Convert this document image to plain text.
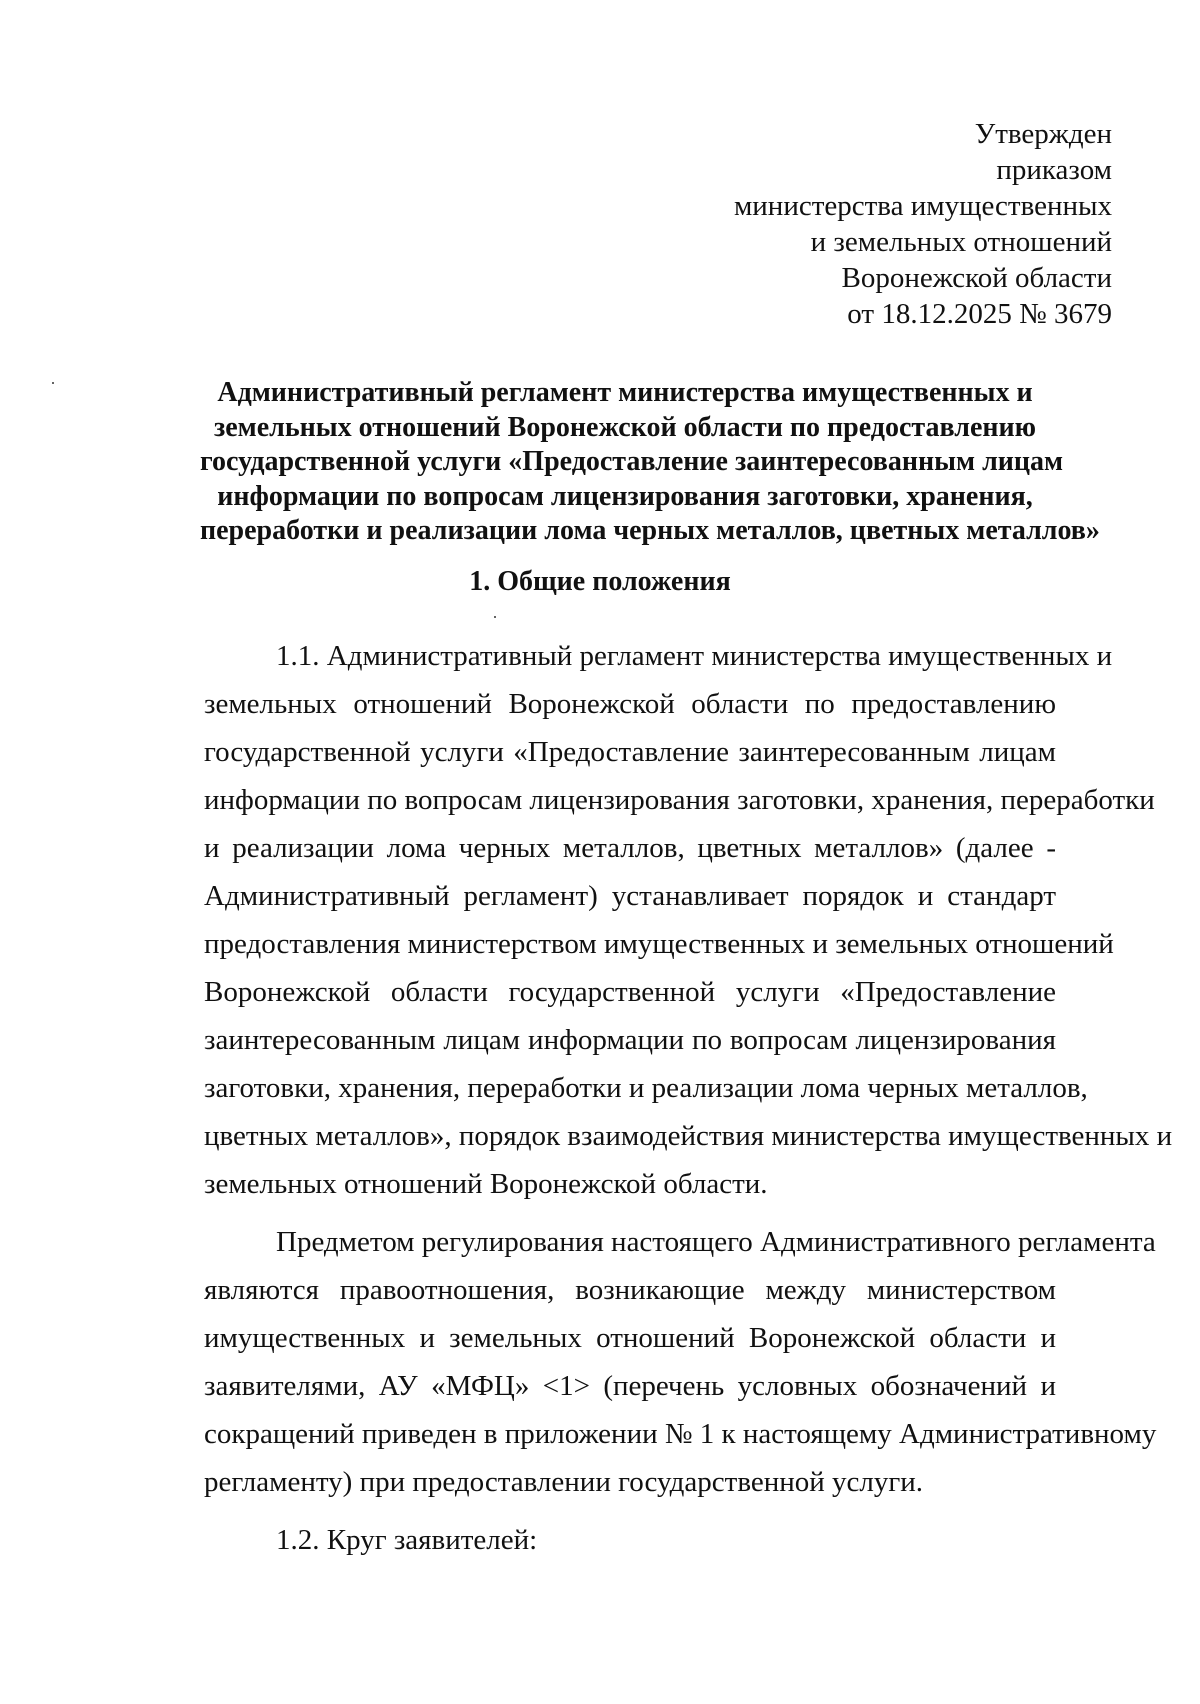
Утвержден
приказом
министерства имущественных
и земельных отношений
Воронежской области
от 18.12.2025 № 3679
Административный регламент министерства имущественных и
земельных отношений Воронежской области по предоставлению
государственной услуги «Предоставление заинтересованным лицам
информации по вопросам лицензирования заготовки, хранения,
переработки и реализации лома черных металлов, цветных металлов»
1. Общие положения
1.1. Административный регламент министерства имущественных и
земельных отношений Воронежской области по предоставлению
государственной услуги «Предоставление заинтересованным лицам
информации по вопросам лицензирования заготовки, хранения, переработки
и реализации лома черных металлов, цветных металлов» (далее -
Административный регламент) устанавливает порядок и стандарт
предоставления министерством имущественных и земельных отношений
Воронежской области государственной услуги «Предоставление
заинтересованным лицам информации по вопросам лицензирования
заготовки, хранения, переработки и реализации лома черных металлов,
цветных металлов», порядок взаимодействия министерства имущественных и
земельных отношений Воронежской области.
Предметом регулирования настоящего Административного регламента
являются правоотношения, возникающие между министерством
имущественных и земельных отношений Воронежской области и
заявителями, АУ «МФЦ» <1> (перечень условных обозначений и
сокращений приведен в приложении № 1 к настоящему Административному
регламенту) при предоставлении государственной услуги.
1.2. Круг заявителей:
